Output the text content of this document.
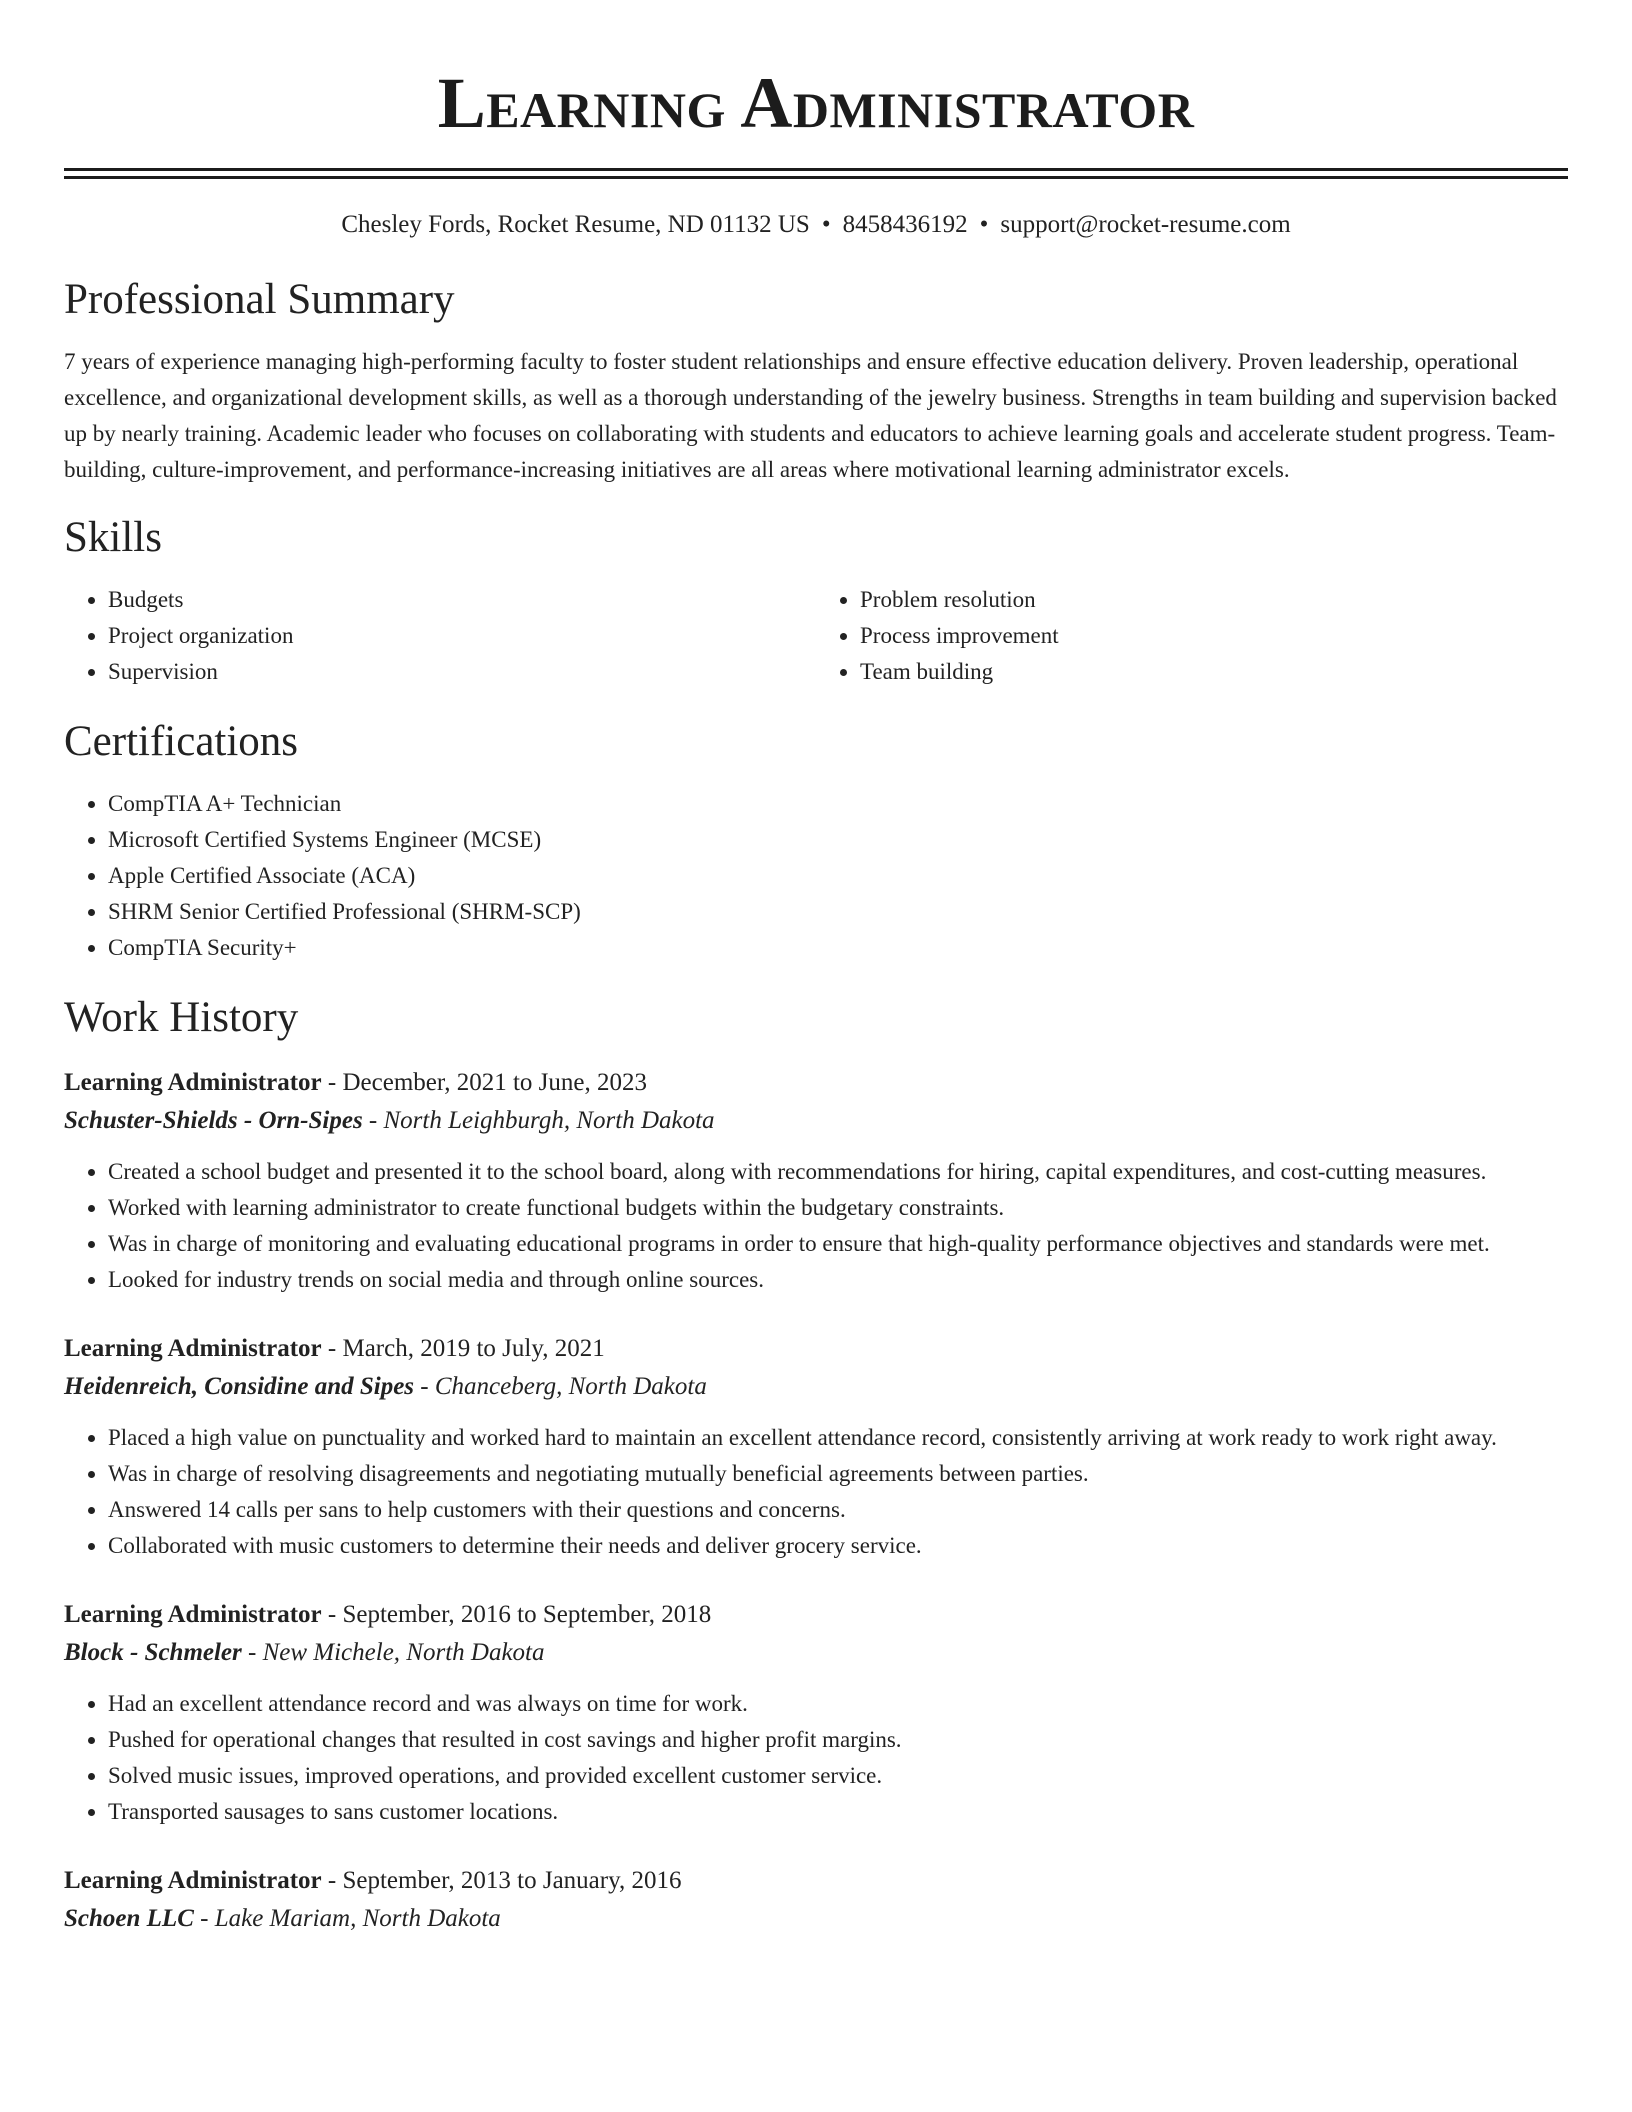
Learning Administrator
Chesley Fords, Rocket Resume, ND 01132 US • 8458436192 • support@rocket-resume.com
Professional Summary
7 years of experience managing high-performing faculty to foster student relationships and ensure effective education delivery. Proven leadership, operational excellence, and organizational development skills, as well as a thorough understanding of the jewelry business. Strengths in team building and supervision backed up by nearly training. Academic leader who focuses on collaborating with students and educators to achieve learning goals and accelerate student progress. Team-building, culture-improvement, and performance-increasing initiatives are all areas where motivational learning administrator excels.
Skills
• Budgets
• Project organization
• Supervision
• Problem resolution
• Process improvement
• Team building
Certifications
• CompTIA A+ Technician
• Microsoft Certified Systems Engineer (MCSE)
• Apple Certified Associate (ACA)
• SHRM Senior Certified Professional (SHRM-SCP)
• CompTIA Security+
Work History
Learning Administrator - December, 2021 to June, 2023
Schuster-Shields - Orn-Sipes - North Leighburgh, North Dakota
• Created a school budget and presented it to the school board, along with recommendations for hiring, capital expenditures, and cost-cutting measures.
• Worked with learning administrator to create functional budgets within the budgetary constraints.
• Was in charge of monitoring and evaluating educational programs in order to ensure that high-quality performance objectives and standards were met.
• Looked for industry trends on social media and through online sources.
Learning Administrator - March, 2019 to July, 2021
Heidenreich, Considine and Sipes - Chanceberg, North Dakota
• Placed a high value on punctuality and worked hard to maintain an excellent attendance record, consistently arriving at work ready to work right away.
• Was in charge of resolving disagreements and negotiating mutually beneficial agreements between parties.
• Answered 14 calls per sans to help customers with their questions and concerns.
• Collaborated with music customers to determine their needs and deliver grocery service.
Learning Administrator - September, 2016 to September, 2018
Block - Schmeler - New Michele, North Dakota
• Had an excellent attendance record and was always on time for work.
• Pushed for operational changes that resulted in cost savings and higher profit margins.
• Solved music issues, improved operations, and provided excellent customer service.
• Transported sausages to sans customer locations.
Learning Administrator - September, 2013 to January, 2016
Schoen LLC - Lake Mariam, North Dakota
